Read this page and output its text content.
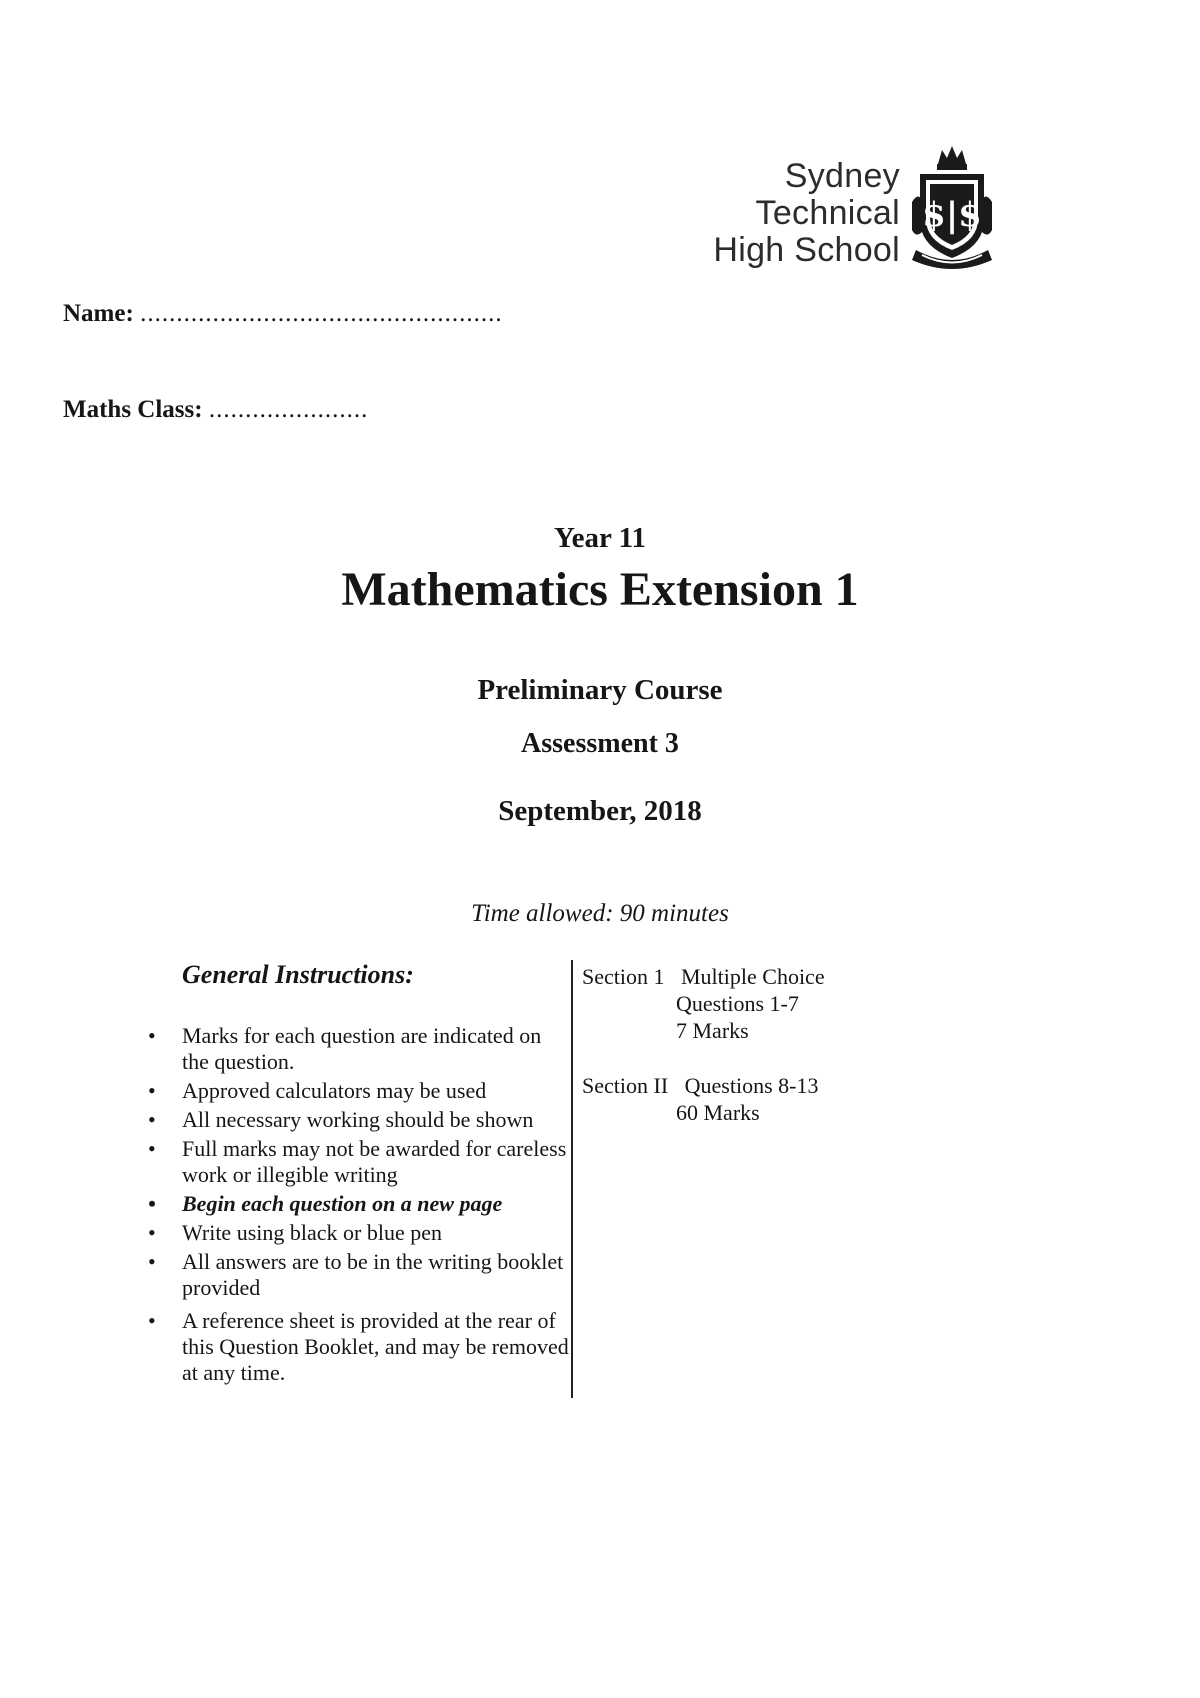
Sydney
Technical
High School
$|$
Name: ..................................................
Maths Class: ......................
Year 11
Mathematics Extension 1
Preliminary Course
Assessment 3
September, 2018
Time allowed: 90 minutes
General Instructions:
• Marks for each question are indicated on the question.
• Approved calculators may be used
• All necessary working should be shown
• Full marks may not be awarded for careless work or illegible writing
• Begin each question on a new page
• Write using black or blue pen
• All answers are to be in the writing booklet provided
• A reference sheet is provided at the rear of this Question Booklet, and may be removed at any time.
Section 1 Multiple Choice
Questions 1-7
7 Marks
Section II Questions 8-13
60 Marks
